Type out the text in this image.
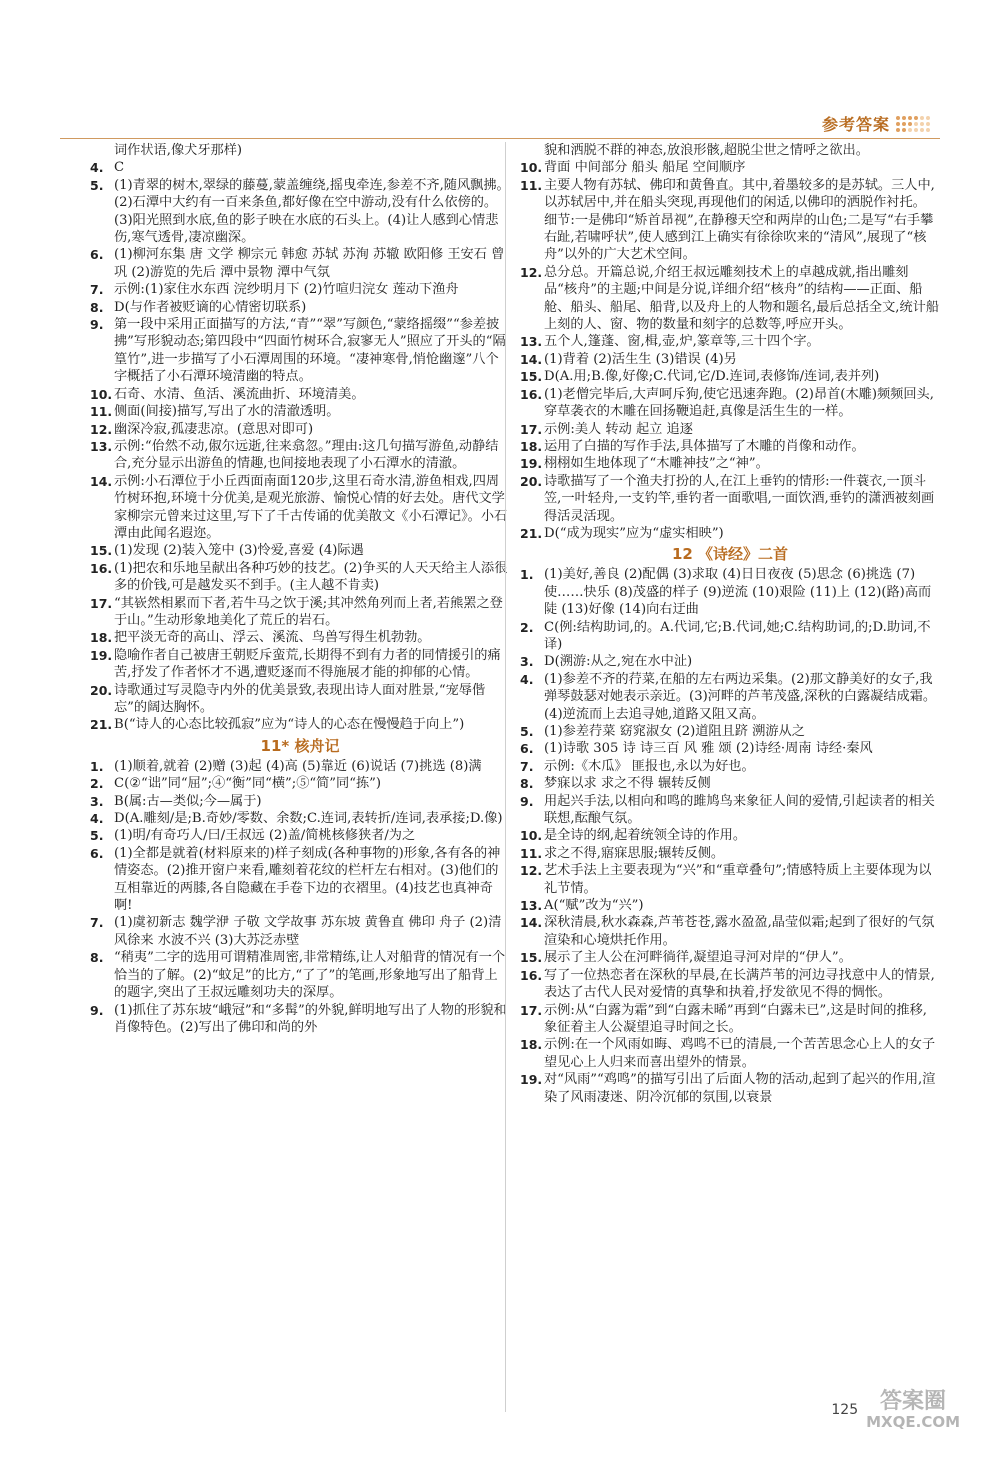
参考答案
词作状语,像犬牙那样)
4. C
5. (1)青翠的树木,翠绿的藤蔓,蒙盖缠绕,摇曳牵连,参差不齐,随风飘拂。(2)石潭中大约有一百来条鱼,都好像在空中游动,没有什么依傍的。(3)阳光照到水底,鱼的影子映在水底的石头上。(4)让人感到心情悲伤,寒气透骨,凄凉幽深。
6. (1)柳河东集 唐 文学 柳宗元 韩愈 苏轼 苏洵 苏辙 欧阳修 王安石 曾巩 (2)游览的先后 潭中景物 潭中气氛
7. 示例:(1)家住水东西 浣纱明月下 (2)竹喧归浣女 莲动下渔舟
8. D(与作者被贬谪的心情密切联系)
9. 第一段中采用正面描写的方法,“青”“翠”写颜色,“蒙络摇缀”“参差披拂”写形貌动态;第四段中“四面竹树环合,寂寥无人”照应了开头的“隔篁竹”,进一步描写了小石潭周围的环境。“凄神寒骨,悄怆幽邃”八个字概括了小石潭环境清幽的特点。
10. 石奇、水清、鱼活、溪流曲折、环境清美。
11. 侧面(间接)描写,写出了水的清澈透明。
12. 幽深冷寂,孤凄悲凉。(意思对即可)
13. 示例:“佁然不动,俶尔远逝,往来翕忽。”理由:这几句描写游鱼,动静结合,充分显示出游鱼的情趣,也间接地表现了小石潭水的清澈。
14. 示例:小石潭位于小丘西面南面120步,这里石奇水清,游鱼相戏,四周竹树环抱,环境十分优美,是观光旅游、愉悦心情的好去处。唐代文学家柳宗元曾来过这里,写下了千古传诵的优美散文《小石潭记》。小石潭由此闻名遐迩。
15. (1)发现 (2)装入笼中 (3)怜爱,喜爱 (4)际遇
16. (1)把农和乐地呈献出各种巧妙的技艺。(2)争买的人天天给主人添很多的价钱,可是越发买不到手。(主人越不肯卖)
17. “其嵚然相累而下者,若牛马之饮于溪;其冲然角列而上者,若熊罴之登于山。”生动形象地美化了荒丘的岩石。
18. 把平淡无奇的高山、浮云、溪流、鸟兽写得生机勃勃。
19. 隐喻作者自己被唐王朝贬斥蛮荒,长期得不到有力者的同情援引的痛苦,抒发了作者怀才不遇,遭贬逐而不得施展才能的抑郁的心情。
20. 诗歌通过写灵隐寺内外的优美景致,表现出诗人面对胜景,“宠辱偕忘”的阔达胸怀。
21. B(“诗人的心态比较孤寂”应为“诗人的心态在慢慢趋于向上”)
11* 核舟记
1. (1)顺着,就着 (2)赠 (3)起 (4)高 (5)靠近 (6)说话 (7)挑选 (8)满
2. C(②“诎”同“屈”;④“衡”同“横”;⑤“简”同“拣”)
3. B(属:古—类似;今—属于)
4. D(A.雕刻/是;B.奇妙/零数、余数;C.连词,表转折/连词,表承接;D.像)
5. (1)明/有奇巧人/曰/王叔远 (2)盖/简桃核修狭者/为之
6. (1)全都是就着(材料原来的)样子刻成(各种事物的)形象,各有各的神情姿态。(2)推开窗户来看,雕刻着花纹的栏杆左右相对。(3)他们的互相靠近的两膝,各自隐藏在手卷下边的衣褶里。(4)技艺也真神奇啊!
7. (1)虞初新志 魏学洢 子敬 文学故事 苏东坡 黄鲁直 佛印 舟子 (2)清风徐来 水波不兴 (3)大苏泛赤壁
8. “稍夷”二字的选用可谓精准周密,非常精练,让人对船背的情况有一个恰当的了解。(2)“蚊足”的比方,“了了”的笔画,形象地写出了船背上的题字,突出了王叔远雕刻功夫的深厚。
9. (1)抓住了苏东坡“峨冠”和“多髯”的外貌,鲜明地写出了人物的形貌和肖像特色。(2)写出了佛印和尚的外
貌和洒脱不群的神态,放浪形骸,超脱尘世之情呼之欲出。
10. 背面 中间部分 船头 船尾 空间顺序
11. 主要人物有苏轼、佛印和黄鲁直。其中,着墨较多的是苏轼。三人中,以苏轼居中,并在船头突现,再现他们的闲适,以佛印的洒脱作衬托。 细节:一是佛印“矫首昂视”,在静穆天空和两岸的山色;二是写“右手攀右趾,若啸呼状”,使人感到江上确实有徐徐吹来的“清风”,展现了“核舟”以外的广大艺术空间。
12. 总分总。开篇总说,介绍王叔远雕刻技术上的卓越成就,指出雕刻品“核舟”的主题;中间是分说,详细介绍“核舟”的结构——正面、船舱、船头、船尾、船背,以及舟上的人物和题名,最后总括全文,统计船上刻的人、窗、物的数量和刻字的总数等,呼应开头。
13. 五个人,篷蓬、窗,楫,壶,炉,篆章等,三十四个字。
14. (1)背着 (2)活生生 (3)错误 (4)另
15. D(A.用;B.像,好像;C.代词,它/D.连词,表修饰/连词,表并列)
16. (1)老僧完毕后,大声呵斥狗,使它迅速奔跑。(2)昂首(木雕)频频回头,穿草袭衣的木雕在回扬鞭追赶,真像是活生生的一样。
17. 示例:美人 转动 起立 追逐
18. 运用了白描的写作手法,具体描写了木雕的肖像和动作。
19. 栩栩如生地体现了“木雕神技”之“神”。
20. 诗歌描写了一个渔夫打扮的人,在江上垂钓的情形:一件蓑衣,一顶斗笠,一叶轻舟,一支钓竿,垂钓者一面歌唱,一面饮酒,垂钓的潇洒被刻画得活灵活现。
21. D(“成为现实”应为“虚实相映”)
12 《诗经》二首
1. (1)美好,善良 (2)配偶 (3)求取 (4)日日夜夜 (5)思念 (6)挑选 (7)使……快乐 (8)茂盛的样子 (9)逆流 (10)艰险 (11)上 (12)(路)高而陡 (13)好像 (14)向右迂曲
2. C(例:结构助词,的。A.代词,它;B.代词,她;C.结构助词,的;D.助词,不译)
3. D(溯游:从之,宛在水中沚)
4. (1)参差不齐的荇菜,在船的左右两边采集。(2)那文静美好的女子,我弹琴鼓瑟对她表示亲近。(3)河畔的芦苇茂盛,深秋的白露凝结成霜。(4)逆流而上去追寻她,道路又阻又高。
5. (1)参差荇菜 窈窕淑女 (2)道阻且跻 溯游从之
6. (1)诗歌 305 诗 诗三百 风 雅 颂 (2)诗经·周南 诗经·秦风
7. 示例:《木瓜》 匪报也,永以为好也。
8. 梦寐以求 求之不得 辗转反侧
9. 用起兴手法,以相向和鸣的雎鸠鸟来象征人间的爱情,引起读者的相关联想,酝酿气氛。
10. 是全诗的纲,起着统领全诗的作用。
11. 求之不得,寤寐思服;辗转反侧。
12. 艺术手法上主要表现为“兴”和“重章叠句”;情感特质上主要体现为以礼节情。
13. A(“赋”改为“兴”)
14. 深秋清晨,秋水森森,芦苇苍苍,露水盈盈,晶莹似霜;起到了很好的气氛渲染和心境烘托作用。
15. 展示了主人公在河畔徜徉,凝望追寻河对岸的“伊人”。
16. 写了一位热恋者在深秋的早晨,在长满芦苇的河边寻找意中人的情景,表达了古代人民对爱情的真挚和执着,抒发欲见不得的惆怅。
17. 示例:从“白露为霜”到“白露未晞”再到“白露未已”,这是时间的推移,象征着主人公凝望追寻时间之长。
18. 示例:在一个风雨如晦、鸡鸣不已的清晨,一个苦苦思念心上人的女子望见心上人归来而喜出望外的情景。
19. 对“风雨”“鸡鸣”的描写引出了后面人物的活动,起到了起兴的作用,渲染了风雨凄迷、阴冷沉郁的氛围,以衰景
125 答案圈
MXQE.COM
